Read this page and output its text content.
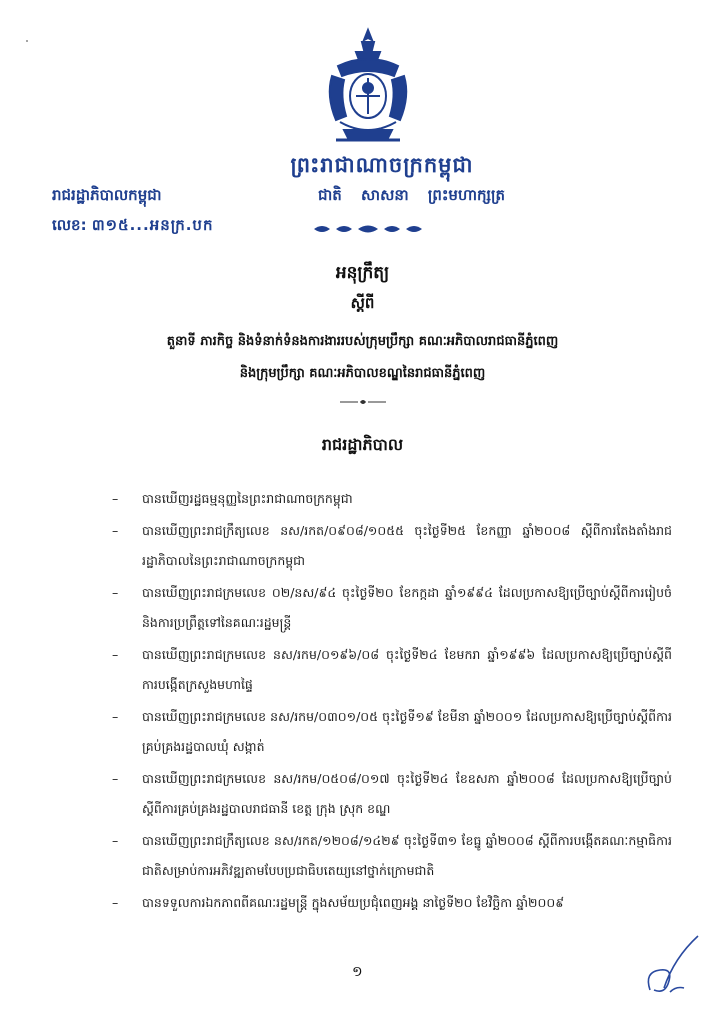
ព្រះរាជាណាចក្រកម្ពុជា
រាជរដ្ឋាភិបាលកម្ពុជា	ជាតិ សាសនា ព្រះមហាក្សត្រ
លេខ: ៣១៥...អនក្រ.បក
អនុក្រឹត្យ
ស្តីពី
តួនាទី ភារកិច្ច និងទំនាក់ទំនងការងាររបស់ក្រុមប្រឹក្សា គណៈអភិបាលរាជធានីភ្នំពេញ
និងក្រុមប្រឹក្សា គណៈអភិបាលខណ្ឌនៃរាជធានីភ្នំពេញ
រាជរដ្ឋាភិបាល
–	បានឃើញរដ្ឋធម្មនុញ្ញនៃព្រះរាជាណាចក្រកម្ពុជា
–	បានឃើញព្រះរាជក្រឹត្យលេខ នស/រកត/០៩០៨/១០៥៥ ចុះថ្ងៃទី២៥ ខែកញ្ញា ឆ្នាំ២០០៨ ស្តីពីការតែងតាំងរាជរដ្ឋាភិបាលនៃព្រះរាជាណាចក្រកម្ពុជា
–	បានឃើញព្រះរាជក្រមលេខ ០២/នស/៩៤ ចុះថ្ងៃទី២០ ខែកក្កដា ឆ្នាំ១៩៩៤ ដែលប្រកាសឱ្យប្រើច្បាប់ស្តីពីការរៀបចំ និងការប្រព្រឹត្តទៅនៃគណៈរដ្ឋមន្ត្រី
–	បានឃើញព្រះរាជក្រមលេខ នស/រកម/០១៩៦/០៨ ចុះថ្ងៃទី២៤ ខែមករា ឆ្នាំ១៩៩៦ ដែលប្រកាសឱ្យប្រើច្បាប់ស្តីពីការបង្កើតក្រសួងមហាផ្ទៃ
–	បានឃើញព្រះរាជក្រមលេខ នស/រកម/០៣០១/០៥ ចុះថ្ងៃទី១៩ ខែមីនា ឆ្នាំ២០០១ ដែលប្រកាសឱ្យប្រើច្បាប់ស្តីពីការគ្រប់គ្រងរដ្ឋបាលឃុំ សង្កាត់
–	បានឃើញព្រះរាជក្រមលេខ នស/រកម/០៥០៨/០១៧ ចុះថ្ងៃទី២៤ ខែឧសភា ឆ្នាំ២០០៨ ដែលប្រកាសឱ្យប្រើច្បាប់ស្តីពីការគ្រប់គ្រងរដ្ឋបាលរាជធានី ខេត្ត ក្រុង ស្រុក ខណ្ឌ
–	បានឃើញព្រះរាជក្រឹត្យលេខ នស/រកត/១២០៨/១៤២៩ ចុះថ្ងៃទី៣១ ខែធ្នូ ឆ្នាំ២០០៨ ស្តីពីការបង្កើតគណៈកម្មាធិការជាតិសម្រាប់ការអភិវឌ្ឍតាមបែបប្រជាធិបតេយ្យនៅថ្នាក់ក្រោមជាតិ
–	បានទទួលការឯកភាពពីគណៈរដ្ឋមន្ត្រី ក្នុងសម័យប្រជុំពេញអង្គ នាថ្ងៃទី២០ ខែវិច្ឆិកា ឆ្នាំ២០០៩
១
